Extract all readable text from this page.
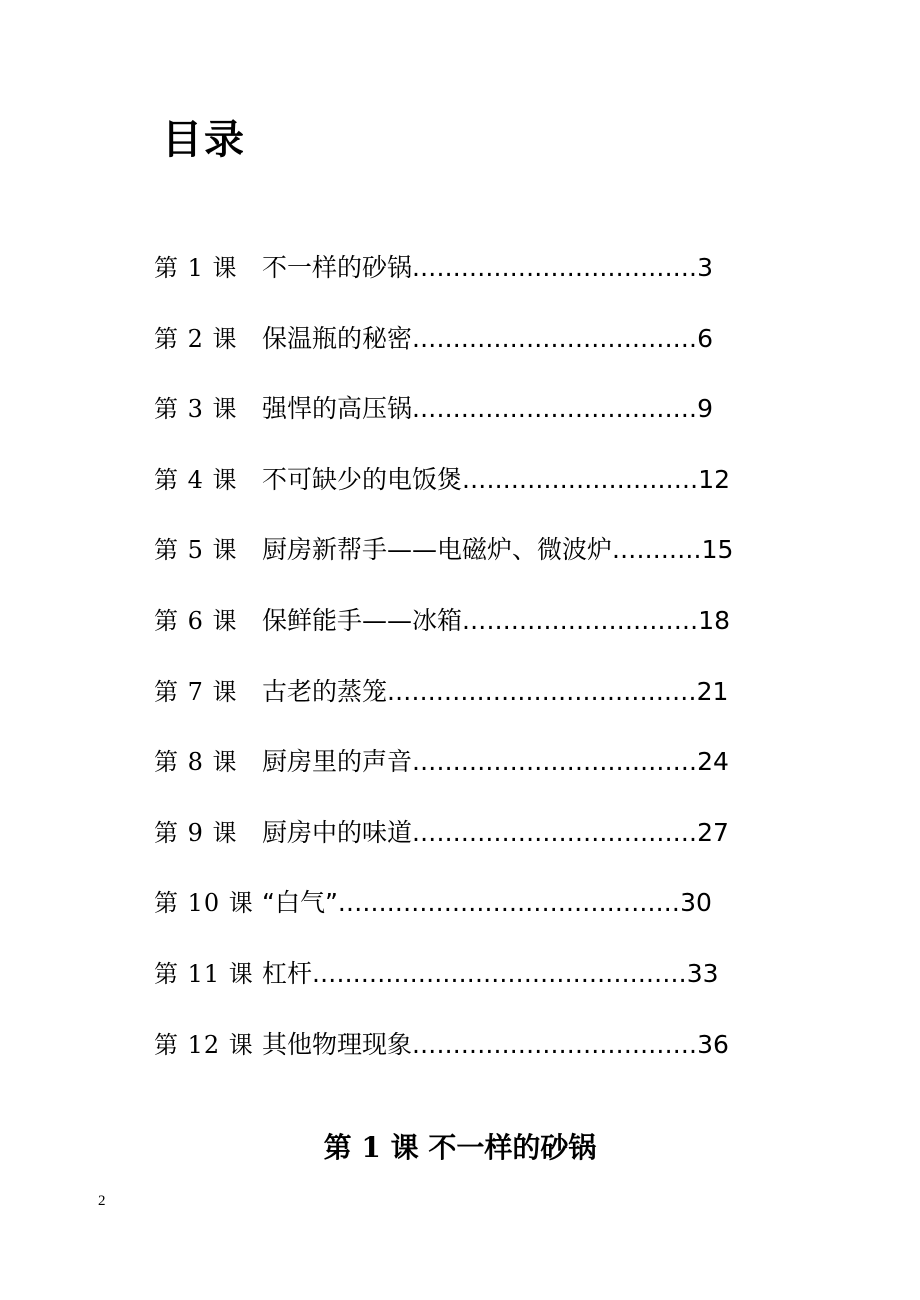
目录
第 1 课 不一样的砂锅...................................3
第 2 课 保温瓶的秘密...................................6
第 3 课 强悍的高压锅...................................9
第 4 课 不可缺少的电饭煲.............................12
第 5 课 厨房新帮手——电磁炉、微波炉...........15
第 6 课 保鲜能手——冰箱.............................18
第 7 课 古老的蒸笼......................................21
第 8 课 厨房里的声音...................................24
第 9 课 厨房中的味道...................................27
第 10 课 “白气”..........................................30
第 11 课 杠杆..............................................33
第 12 课 其他物理现象...................................36
第 1 课 不一样的砂锅
2
